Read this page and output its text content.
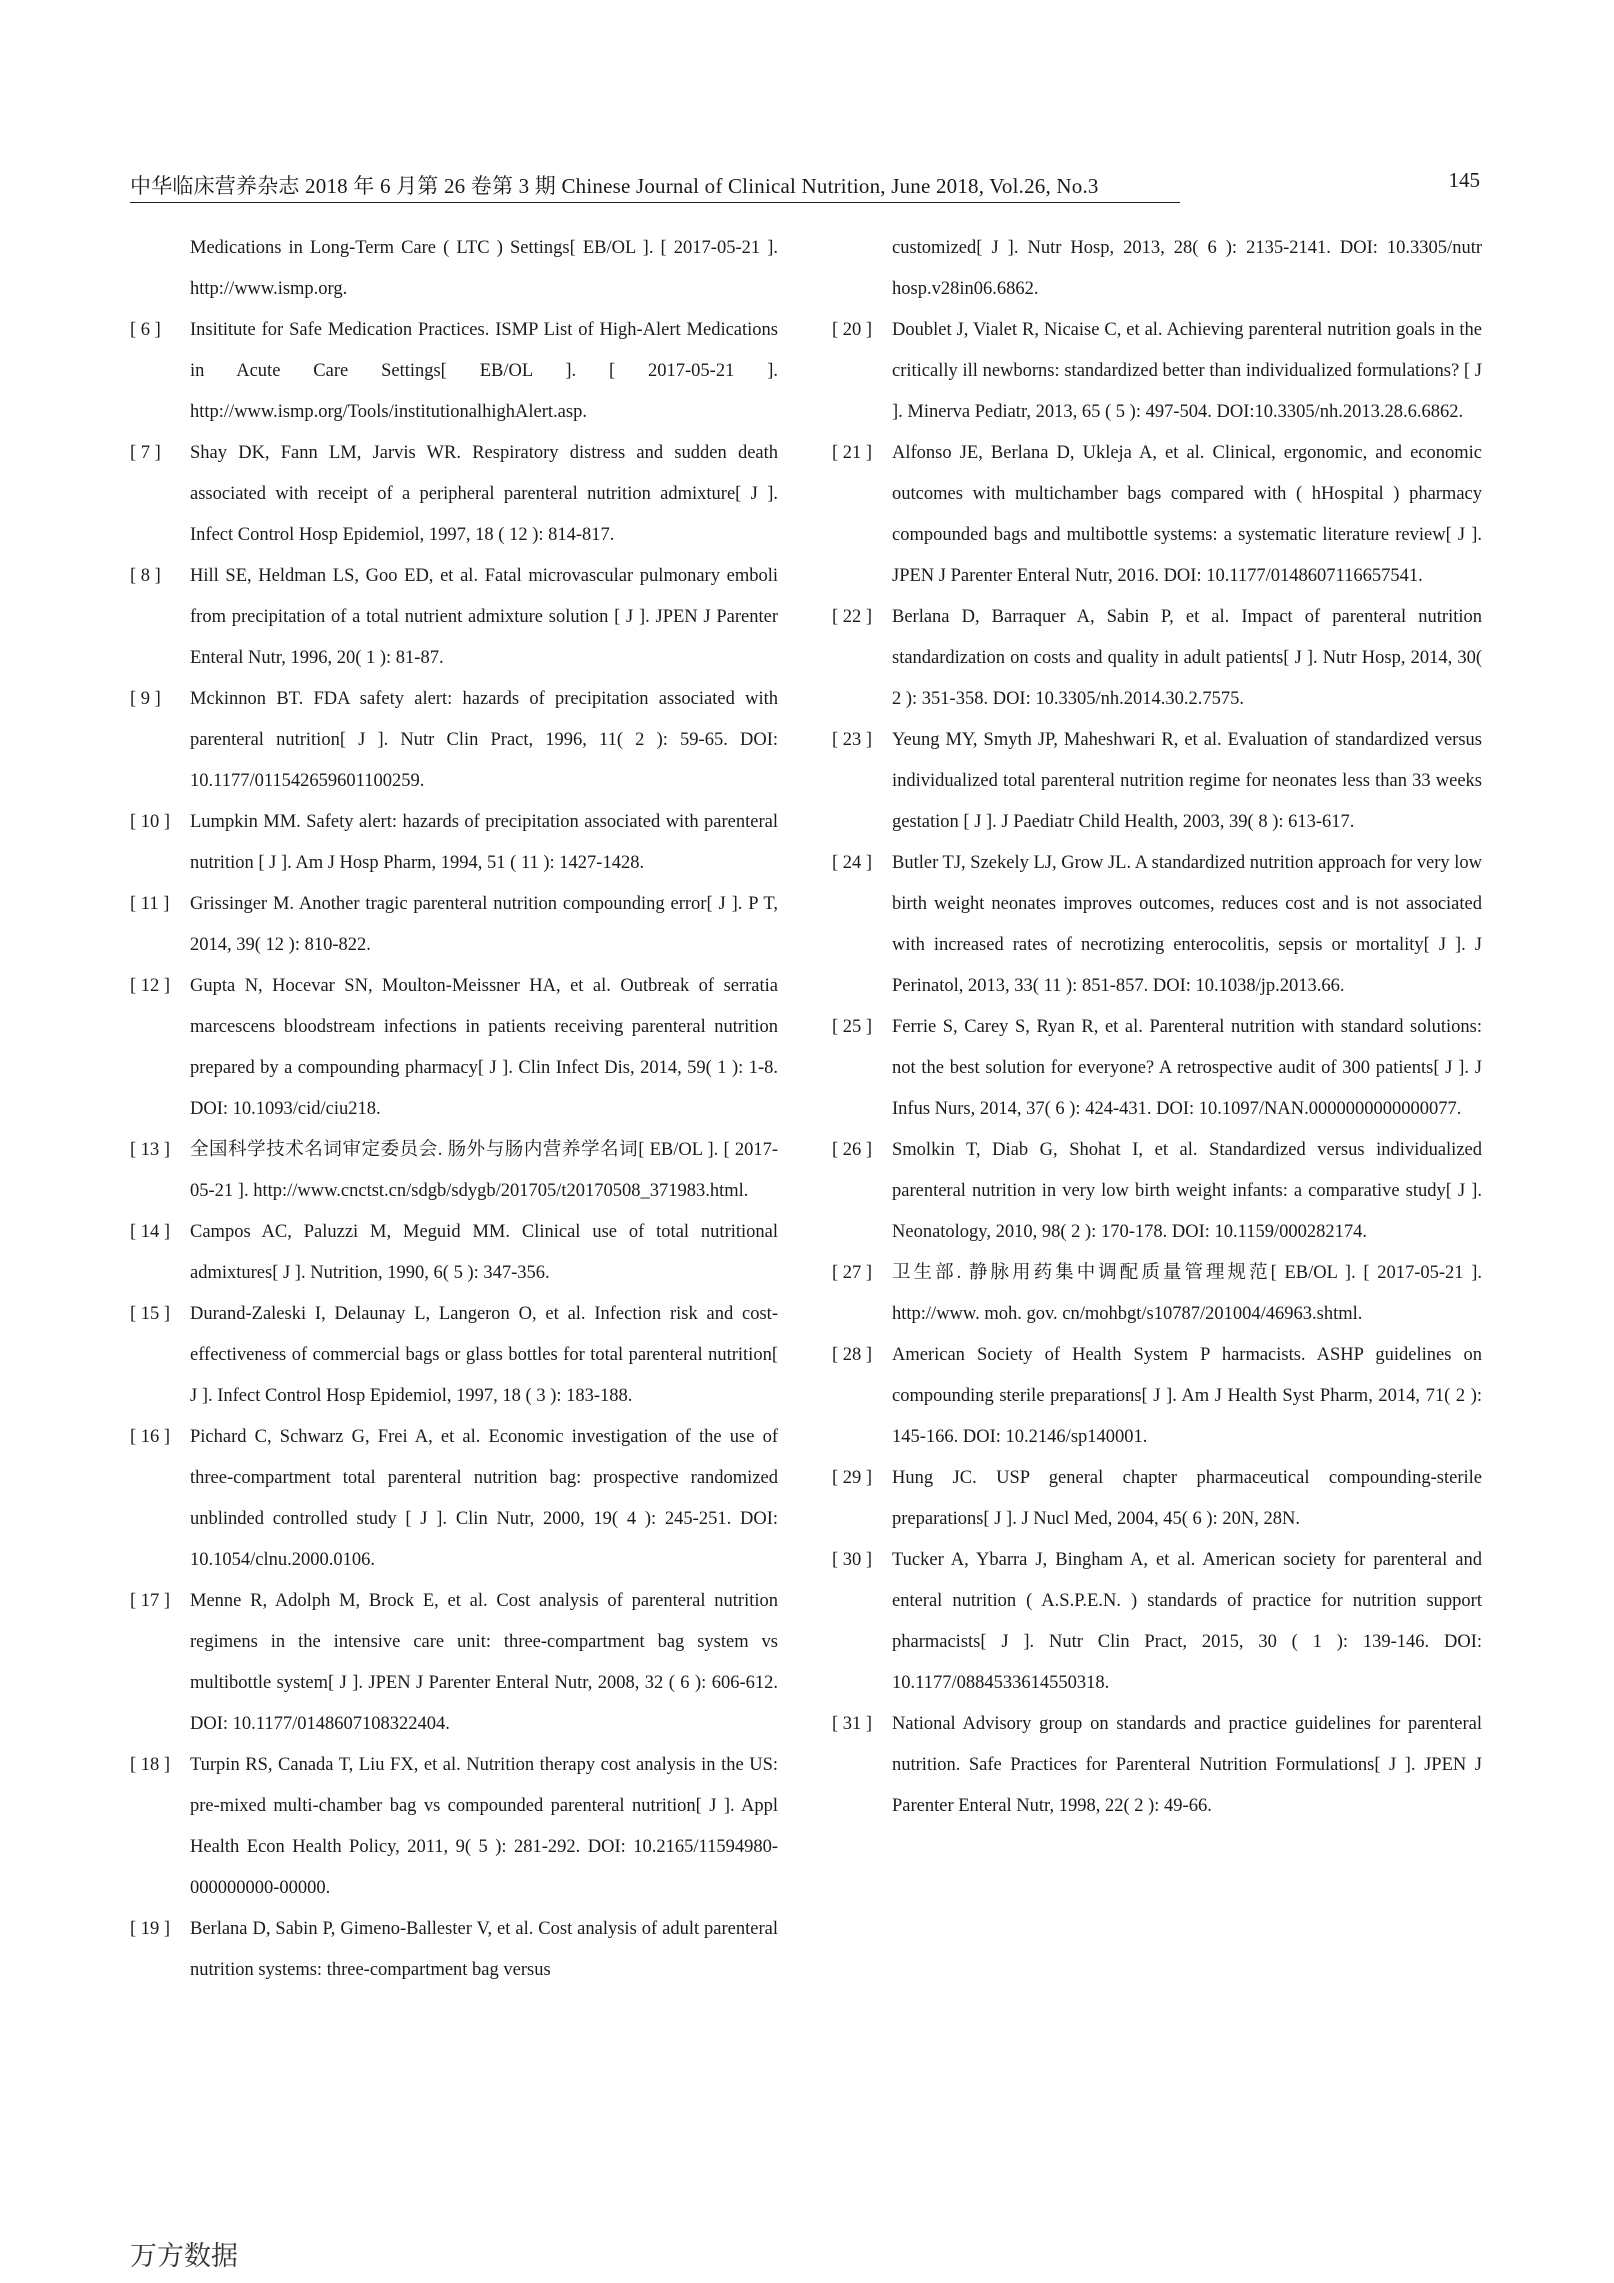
中华临床营养杂志 2018 年 6 月第 26 卷第 3 期 Chinese Journal of Clinical Nutrition, June 2018, Vol.26, No.3	145
Medications in Long-Term Care ( LTC ) Settings[ EB/OL ]. [ 2017-05-21 ]. http://www.ismp.org.
[ 6 ]	Insititute for Safe Medication Practices. ISMP List of High-Alert Medications in Acute Care Settings[ EB/OL ]. [ 2017-05-21 ]. http://www.ismp.org/Tools/institutionalhighAlert.asp.
[ 7 ]	Shay DK, Fann LM, Jarvis WR. Respiratory distress and sudden death associated with receipt of a peripheral parenteral nutrition admixture[ J ]. Infect Control Hosp Epidemiol, 1997, 18 ( 12 ): 814-817.
[ 8 ]	Hill SE, Heldman LS, Goo ED, et al. Fatal microvascular pulmonary emboli from precipitation of a total nutrient admixture solution [ J ]. JPEN J Parenter Enteral Nutr, 1996, 20( 1 ): 81-87.
[ 9 ]	Mckinnon BT. FDA safety alert: hazards of precipitation associated with parenteral nutrition[ J ]. Nutr Clin Pract, 1996, 11( 2 ): 59-65. DOI: 10.1177/011542659601100259.
[ 10 ]	Lumpkin MM. Safety alert: hazards of precipitation associated with parenteral nutrition [ J ]. Am J Hosp Pharm, 1994, 51 ( 11 ): 1427-1428.
[ 11 ]	Grissinger M. Another tragic parenteral nutrition compounding error[ J ]. P T, 2014, 39( 12 ): 810-822.
[ 12 ]	Gupta N, Hocevar SN, Moulton-Meissner HA, et al. Outbreak of serratia marcescens bloodstream infections in patients receiving parenteral nutrition prepared by a compounding pharmacy[ J ]. Clin Infect Dis, 2014, 59( 1 ): 1-8. DOI: 10.1093/cid/ciu218.
[ 13 ]	全国科学技术名词审定委员会. 肠外与肠内营养学名词[ EB/OL ]. [ 2017-05-21 ]. http://www.cnctst.cn/sdgb/sdygb/201705/t20170508_371983.html.
[ 14 ]	Campos AC, Paluzzi M, Meguid MM. Clinical use of total nutritional admixtures[ J ]. Nutrition, 1990, 6( 5 ): 347-356.
[ 15 ]	Durand-Zaleski I, Delaunay L, Langeron O, et al. Infection risk and cost-effectiveness of commercial bags or glass bottles for total parenteral nutrition[ J ]. Infect Control Hosp Epidemiol, 1997, 18 ( 3 ): 183-188.
[ 16 ]	Pichard C, Schwarz G, Frei A, et al. Economic investigation of the use of three-compartment total parenteral nutrition bag: prospective randomized unblinded controlled study [ J ]. Clin Nutr, 2000, 19( 4 ): 245-251. DOI: 10.1054/clnu.2000.0106.
[ 17 ]	Menne R, Adolph M, Brock E, et al. Cost analysis of parenteral nutrition regimens in the intensive care unit: three-compartment bag system vs multibottle system[ J ]. JPEN J Parenter Enteral Nutr, 2008, 32 ( 6 ): 606-612. DOI: 10.1177/0148607108322404.
[ 18 ]	Turpin RS, Canada T, Liu FX, et al. Nutrition therapy cost analysis in the US: pre-mixed multi-chamber bag vs compounded parenteral nutrition[ J ]. Appl Health Econ Health Policy, 2011, 9( 5 ): 281-292. DOI: 10.2165/11594980-000000000-00000.
[ 19 ]	Berlana D, Sabin P, Gimeno-Ballester V, et al. Cost analysis of adult parenteral nutrition systems: three-compartment bag versus
customized[ J ]. Nutr Hosp, 2013, 28( 6 ): 2135-2141. DOI: 10.3305/nutr hosp.v28in06.6862.
[ 20 ]	Doublet J, Vialet R, Nicaise C, et al. Achieving parenteral nutrition goals in the critically ill newborns: standardized better than individualized formulations? [ J ]. Minerva Pediatr, 2013, 65 ( 5 ): 497-504. DOI:10.3305/nh.2013.28.6.6862.
[ 21 ]	Alfonso JE, Berlana D, Ukleja A, et al. Clinical, ergonomic, and economic outcomes with multichamber bags compared with ( hHospital ) pharmacy compounded bags and multibottle systems: a systematic literature review[ J ]. JPEN J Parenter Enteral Nutr, 2016. DOI: 10.1177/0148607116657541.
[ 22 ]	Berlana D, Barraquer A, Sabin P, et al. Impact of parenteral nutrition standardization on costs and quality in adult patients[ J ]. Nutr Hosp, 2014, 30( 2 ): 351-358. DOI: 10.3305/nh.2014.30.2.7575.
[ 23 ]	Yeung MY, Smyth JP, Maheshwari R, et al. Evaluation of standardized versus individualized total parenteral nutrition regime for neonates less than 33 weeks gestation [ J ]. J Paediatr Child Health, 2003, 39( 8 ): 613-617.
[ 24 ]	Butler TJ, Szekely LJ, Grow JL. A standardized nutrition approach for very low birth weight neonates improves outcomes, reduces cost and is not associated with increased rates of necrotizing enterocolitis, sepsis or mortality[ J ]. J Perinatol, 2013, 33( 11 ): 851-857. DOI: 10.1038/jp.2013.66.
[ 25 ]	Ferrie S, Carey S, Ryan R, et al. Parenteral nutrition with standard solutions: not the best solution for everyone? A retrospective audit of 300 patients[ J ]. J Infus Nurs, 2014, 37( 6 ): 424-431. DOI: 10.1097/NAN.0000000000000077.
[ 26 ]	Smolkin T, Diab G, Shohat I, et al. Standardized versus individualized parenteral nutrition in very low birth weight infants: a comparative study[ J ]. Neonatology, 2010, 98( 2 ): 170-178. DOI: 10.1159/000282174.
[ 27 ]	卫生部. 静脉用药集中调配质量管理规范[ EB/OL ]. [ 2017-05-21 ]. http://www. moh. gov. cn/mohbgt/s10787/201004/46963.shtml.
[ 28 ]	American Society of Health System P harmacists. ASHP guidelines on compounding sterile preparations[ J ]. Am J Health Syst Pharm, 2014, 71( 2 ): 145-166. DOI: 10.2146/sp140001.
[ 29 ]	Hung JC. USP general chapter pharmaceutical compounding-sterile preparations[ J ]. J Nucl Med, 2004, 45( 6 ): 20N, 28N.
[ 30 ]	Tucker A, Ybarra J, Bingham A, et al. American society for parenteral and enteral nutrition ( A.S.P.E.N. ) standards of practice for nutrition support pharmacists[ J ]. Nutr Clin Pract, 2015, 30 ( 1 ): 139-146. DOI: 10.1177/0884533614550318.
[ 31 ]	National Advisory group on standards and practice guidelines for parenteral nutrition. Safe Practices for Parenteral Nutrition Formulations[ J ]. JPEN J Parenter Enteral Nutr, 1998, 22( 2 ): 49-66.
万方数据
